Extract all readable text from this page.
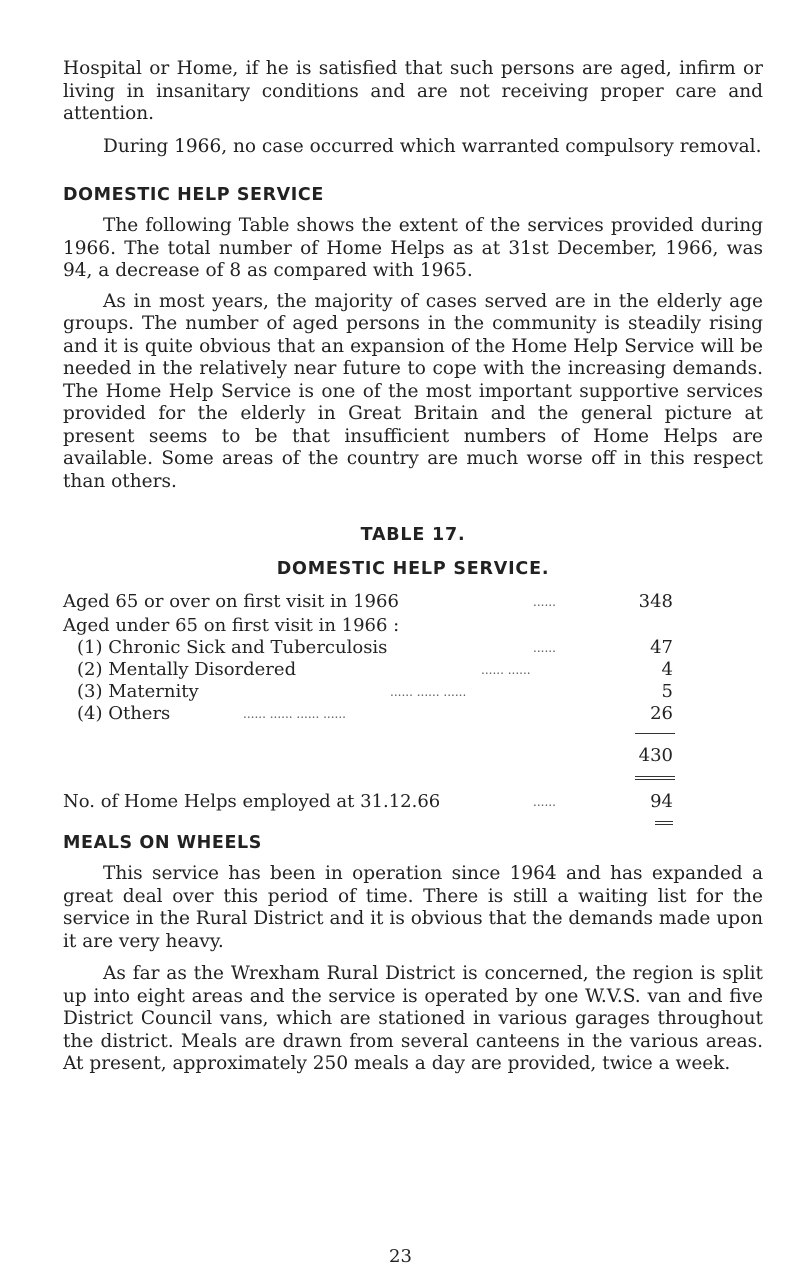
Hospital or Home, if he is satisfied that such persons are aged, infirm or living in insanitary conditions and are not receiving proper care and attention.

During 1966, no case occurred which warranted compulsory removal.

DOMESTIC HELP SERVICE

The following Table shows the extent of the services provided during 1966. The total number of Home Helps as at 31st December, 1966, was 94, a decrease of 8 as compared with 1965.

As in most years, the majority of cases served are in the elderly age groups. The number of aged persons in the community is steadily rising and it is quite obvious that an expansion of the Home Help Service will be needed in the relatively near future to cope with the increasing demands. The Home Help Service is one of the most important supportive services provided for the elderly in Great Britain and the general picture at present seems to be that insufficient numbers of Home Helps are available. Some areas of the country are much worse off in this respect than others.

TABLE 17.
DOMESTIC HELP SERVICE.
Aged 65 or over on first visit in 1966	......	348
Aged under 65 on first visit in 1966 :
(1) Chronic Sick and Tuberculosis	......	47
(2) Mentally Disordered	...... ......	4
(3) Maternity	...... ...... ......	5
(4) Others	...... ...... ...... ......	26
430
No. of Home Helps employed at 31.12.66	......	94
MEALS ON WHEELS

This service has been in operation since 1964 and has expanded a great deal over this period of time. There is still a waiting list for the service in the Rural District and it is obvious that the demands made upon it are very heavy.

As far as the Wrexham Rural District is concerned, the region is split up into eight areas and the service is operated by one W.V.S. van and five District Council vans, which are stationed in various garages throughout the district. Meals are drawn from several canteens in the various areas. At present, approximately 250 meals a day are provided, twice a week.

23
